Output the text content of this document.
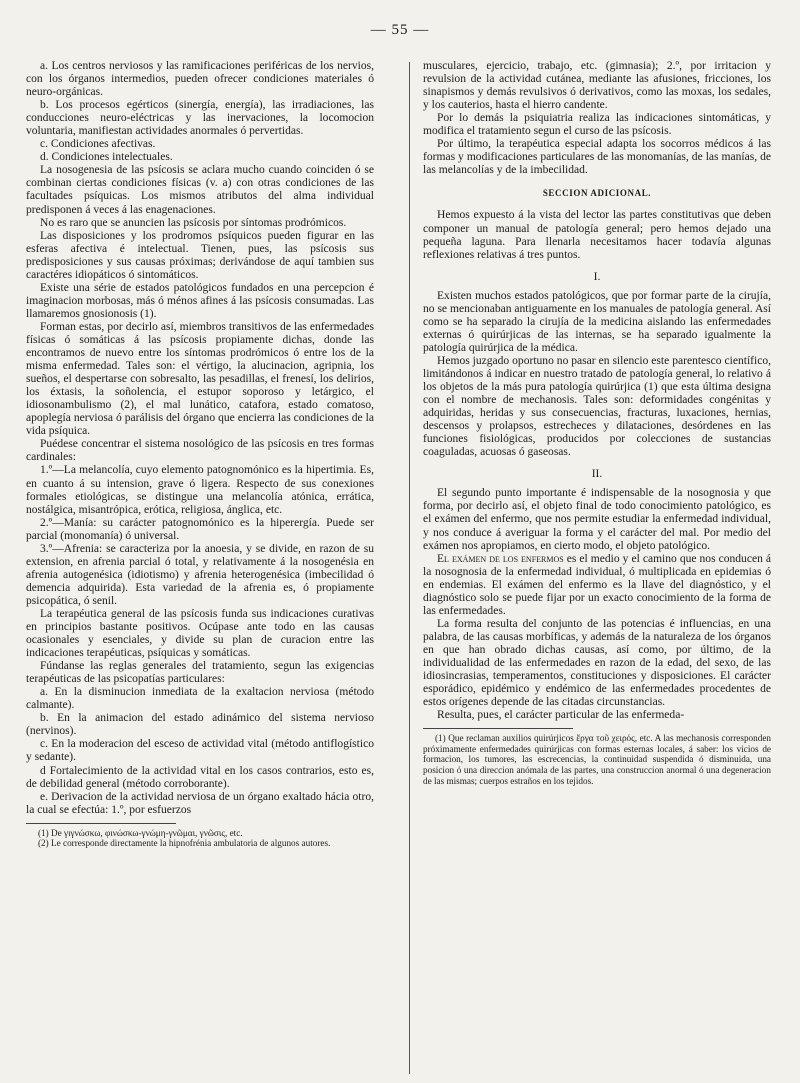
— 55 —

a. Los centros nerviosos y las ramificaciones periféricas de los nervios, con los órganos intermedios, pueden ofrecer condiciones materiales ó neuro-orgánicas.

b. Los procesos egérticos (sinergía, energía), las irradiaciones, las conducciones neuro-eléctricas y las inervaciones, la locomocion voluntaria, manifiestan actividades anormales ó pervertidas.

c. Condiciones afectivas.

d. Condiciones intelectuales.

La nosogenesia de las psícosis se aclara mucho cuando coinciden ó se combinan ciertas condiciones físicas (v. a) con otras condiciones de las facultades psíquicas. Los mismos atributos del alma individual predisponen á veces á las enagenaciones.

No es raro que se anuncien las psícosis por síntomas prodrómicos.

Las disposiciones y los prodromos psíquicos pueden figurar en las esferas afectiva é intelectual. Tienen, pues, las psícosis sus predisposiciones y sus causas próximas; derivándose de aquí tambien sus caractéres idiopáticos ó sintomáticos.

Existe una série de estados patológicos fundados en una percepcion é imaginacion morbosas, más ó ménos afines á las psícosis consumadas. Las llamaremos gnosionosis (1).

Forman estas, por decirlo así, miembros transitivos de las enfermedades físicas ó somáticas á las psícosis propiamente dichas, donde las encontramos de nuevo entre los síntomas prodrómicos ó entre los de la misma enfermedad. Tales son: el vértigo, la alucinacion, agripnia, los sueños, el despertarse con sobresalto, las pesadillas, el frenesí, los delirios, los éxtasis, la soñolencia, el estupor soporoso y letárgico, el idiosonambulismo (2), el mal lunático, catafora, estado comatoso, apoplegía nerviosa ó parálisis del órgano que encierra las condiciones de la vida psíquica.

Puédese concentrar el sistema nosológico de las psícosis en tres formas cardinales:

1.º—La melancolía, cuyo elemento patognomónico es la hipertimia. Es, en cuanto á su intension, grave ó ligera. Respecto de sus conexiones formales etiológicas, se distingue una melancolía atónica, errática, nostálgica, misantrópica, erótica, religiosa, ánglica, etc.

2.º—Manía: su carácter patognomónico es la hiperergía. Puede ser parcial (monomanía) ó universal.

3.º—Afrenia: se caracteriza por la anoesia, y se divide, en razon de su extension, en afrenia parcial ó total, y relativamente á la nosogenésia en afrenia autogenésica (idiotismo) y afrenia heterogenésica (imbecilidad ó demencia adquirida). Esta variedad de la afrenia es, ó propiamente psicopática, ó senil.

La terapéutica general de las psícosis funda sus indicaciones curativas en principios bastante positivos. Ocúpase ante todo en las causas ocasionales y esenciales, y divide su plan de curacion entre las indicaciones terapéuticas, psíquicas y somáticas.

Fúndanse las reglas generales del tratamiento, segun las exigencias terapéuticas de las psicopatías particulares:

a. En la disminucion inmediata de la exaltacion nerviosa (método calmante).

b. En la animacion del estado adinámico del sistema nervioso (nervinos).

c. En la moderacion del esceso de actividad vital (método antiflogístico y sedante).

d Fortalecimiento de la actividad vital en los casos contrarios, esto es, de debilidad general (método corroborante).

e. Derivacion de la actividad nerviosa de un órgano exaltado hácia otro, la cual se efectúa: 1.º, por esfuerzos

(1) De γιγνώσκω, φινώσκω-γνώμη-γνῶμαι, γνῶσις, etc.

(2) Le corresponde directamente la hipnofrénia ambulatoria de algunos autores.

musculares, ejercicio, trabajo, etc. (gimnasia); 2.º, por irritacion y revulsion de la actividad cutánea, mediante las afusiones, fricciones, los sinapismos y demás revulsivos ó derivativos, como las moxas, los sedales, y los cauterios, hasta el hierro candente.

Por lo demás la psiquiatria realiza las indicaciones sintomáticas, y modifica el tratamiento segun el curso de las psícosis.

Por último, la terapéutica especial adapta los socorros médicos á las formas y modificaciones particulares de las monomanías, de las manías, de las melancolías y de la imbecilidad.

SECCION ADICIONAL.

Hemos expuesto á la vista del lector las partes constitutivas que deben componer un manual de patología general; pero hemos dejado una pequeña laguna. Para llenarla necesitamos hacer todavía algunas reflexiones relativas á tres puntos.

I.

Existen muchos estados patológicos, que por formar parte de la cirujía, no se mencionaban antiguamente en los manuales de patología general. Así como se ha separado la cirujía de la medicina aislando las enfermedades externas ó quirúrjicas de las internas, se ha separado igualmente la patología quirúrjica de la médica.

Hemos juzgado oportuno no pasar en silencio este parentesco científico, limitándonos á indicar en nuestro tratado de patología general, lo relativo á los objetos de la más pura patología quirúrjica (1) que esta última designa con el nombre de mechanosis. Tales son: deformidades congénitas y adquiridas, heridas y sus consecuencias, fracturas, luxaciones, hernias, descensos y prolapsos, estrecheces y dilataciones, desórdenes en las funciones fisiológicas, producidos por colecciones de sustancias coaguladas, acuosas ó gaseosas.

II.

El segundo punto importante é indispensable de la nosognosia y que forma, por decirlo así, el objeto final de todo conocimiento patológico, es el exámen del enfermo, que nos permite estudiar la enfermedad individual, y nos conduce á averiguar la forma y el carácter del mal. Por medio del exámen nos apropiamos, en cierto modo, el objeto patológico.

El exámen de los enfermos es el medio y el camino que nos conducen á la nosognosia de la enfermedad individual, ó multiplicada en epidemias ó en endemias. El exámen del enfermo es la llave del diagnóstico, y el diagnóstico solo se puede fijar por un exacto conocimiento de la forma de las enfermedades.

La forma resulta del conjunto de las potencias é influencias, en una palabra, de las causas morbíficas, y además de la naturaleza de los órganos en que han obrado dichas causas, así como, por último, de la individualidad de las enfermedades en razon de la edad, del sexo, de las idiosincrasias, temperamentos, constituciones y disposiciones. El carácter esporádico, epidémico y endémico de las enfermedades procedentes de estos orígenes depende de las citadas circunstancias.

Resulta, pues, el carácter particular de las enfermeda-

(1) Que reclaman auxilios quirúrjicos ἔργα τοῦ χειρός, etc. A las mechanosis corresponden próximamente enfermedades quirúrjicas con formas esternas locales, á saber: los vicios de formacion, los tumores, las escrecencias, la continuidad suspendida ó disminuida, una posicion ó una direccion anómala de las partes, una construccion anormal ó una degeneracion de las mismas; cuerpos estraños en los tejidos.
